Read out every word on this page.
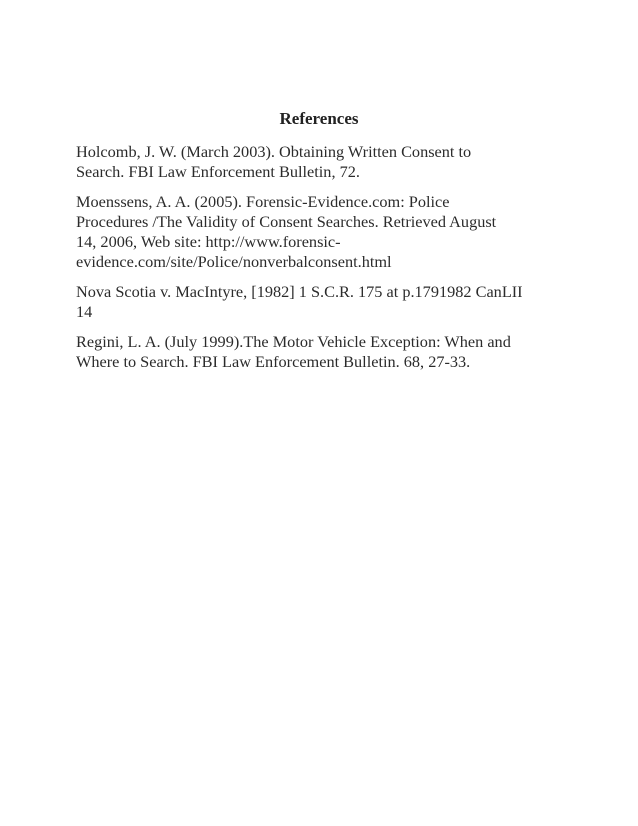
References
Holcomb, J. W. (March 2003). Obtaining Written Consent to
Search. FBI Law Enforcement Bulletin, 72.
Moenssens, A. A. (2005). Forensic-Evidence.com: Police
Procedures /The Validity of Consent Searches. Retrieved August
14, 2006, Web site: http://www.forensic-
evidence.com/site/Police/nonverbalconsent.html
Nova Scotia v. MacIntyre, [1982] 1 S.C.R. 175 at p.1791982 CanLII
14
Regini, L. A. (July 1999).The Motor Vehicle Exception: When and
Where to Search. FBI Law Enforcement Bulletin. 68, 27-33.
